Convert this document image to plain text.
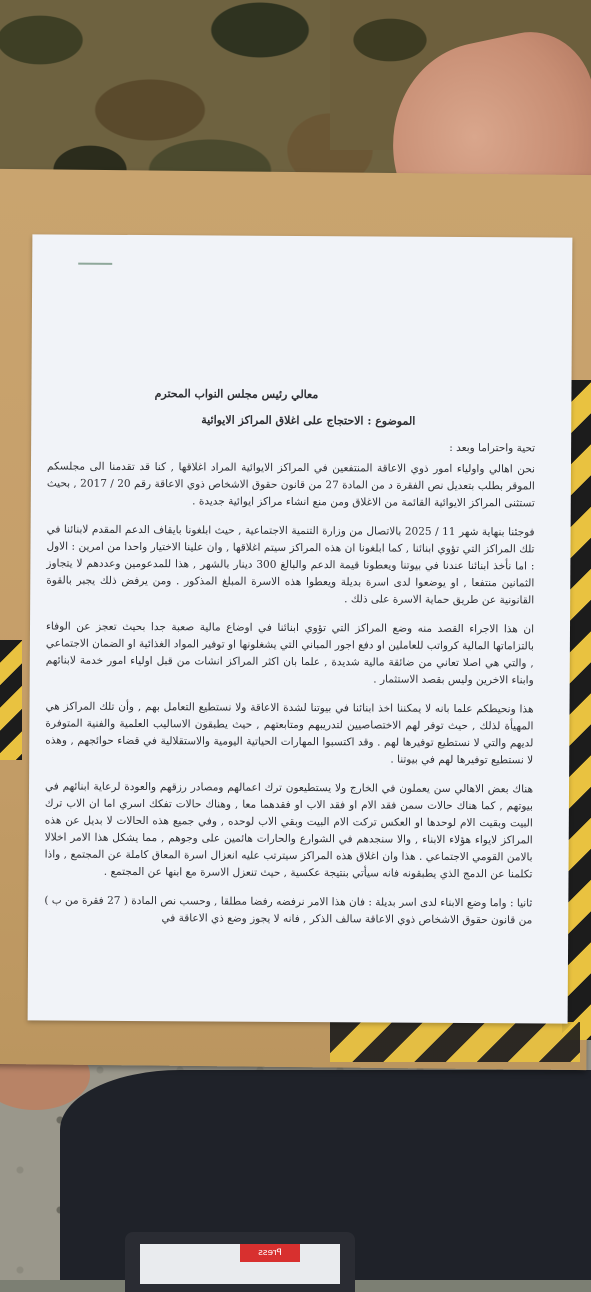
Press
معالي رئيس مجلس النواب المحترم
الموضوع : الاحتجاج على اغلاق المراكز الايوائية
تحية واحتراما وبعد :

نحن اهالي واولياء امور ذوي الاعاقة المنتفعين في المراكز الايوائية المراد اغلاقها , كنا قد تقدمنا الى مجلسكم الموقر بطلب بتعديل نص الفقرة د من المادة 27 من قانون حقوق الاشخاص ذوي الاعاقة رقم 20 / 2017 , بحيث تستثنى المراكز الايوائية القائمة من الاغلاق ومن منع انشاء مراكز ايوائية جديدة .

فوجئنا بنهاية شهر 11 / 2025 بالاتصال من وزارة التنمية الاجتماعية , حيث ابلغونا بايقاف الدعم المقدم لابنائنا في تلك المراكز التي تؤوي ابنائنا , كما ابلغونا ان هذه المراكز سيتم اغلاقها , وان علينا الاختيار واحدا من امرين : الاول : اما نأخذ ابنائنا عندنا في بيوتنا ويعطونا قيمة الدعم والبالغ 300 دينار بالشهر , هذا للمدعومين وعددهم لا يتجاوز الثمانين منتفعا , او يوضعوا لدى اسرة بديلة ويعطوا هذه الاسرة المبلغ المذكور . ومن يرفض ذلك يجبر بالقوة القانونية عن طريق حماية الاسرة على ذلك .

ان هذا الاجراء القصد منه وضع المراكز التي تؤوي ابنائنا في اوضاع مالية صعبة جدا بحيث تعجز عن الوفاء بالتزاماتها المالية كرواتب للعاملين او دفع اجور المباني التي يشغلونها او توفير المواد الغذائية او الضمان الاجتماعي , والتي هي اصلا تعاني من ضائقة مالية شديدة , علما بان اكثر المراكز انشات من قبل اولياء امور خدمة لابنائهم وابناء الاخرين وليس بقصد الاستثمار .

هذا ونحيطكم علما بانه لا يمكننا اخذ ابنائنا في بيوتنا لشدة الاعاقة ولا نستطيع التعامل بهم , وأن تلك المراكز هي المهيأة لذلك , حيث توفر لهم الاختصاصيين لتدريبهم ومتابعتهم , حيث يطبقون الاساليب العلمية والفنية المتوفرة لديهم والتي لا نستطيع توفيرها لهم . وقد اكتسبوا المهارات الحياتية اليومية والاستقلالية في قضاء حوائجهم , وهذه لا نستطيع توفيرها لهم في بيوتنا .

هناك بعض الاهالي سن يعملون في الخارج ولا يستطيعون ترك اعمالهم ومصادر رزقهم والعودة لرعاية ابنائهم في بيوتهم , كما هناك حالات سمن فقد الام او فقد الاب او فقدهما معا , وهناك حالات تفكك اسري اما ان الاب ترك البيت وبقيت الام لوحدها او العكس تركت الام البيت وبقي الاب لوحده , وفي جميع هذه الحالات لا بديل عن هذه المراكز لايواء هؤلاء الابناء , والا سنجدهم في الشوارع والحارات هائمين على وجوهم , مما يشكل هذا الامر اخلالا بالامن القومي الاجتماعي . هذا وان اغلاق هذه المراكز سيترتب عليه انعزال اسرة المعاق كاملة عن المجتمع , واذا تكلمنا عن الدمج الذي يطبقونه فانه سيأتي بنتيجة عكسية , حيث تنعزل الاسرة مع ابنها عن المجتمع .

ثانيا : واما وضع الابناء لدى اسر بديلة : فان هذا الامر نرفضه رفضا مطلقا , وحسب نص المادة ( 27 فقرة من ب ) من قانون حقوق الاشخاص ذوي الاعاقة سالف الذكر , فانه لا يجوز وضع ذي الاعاقة في
